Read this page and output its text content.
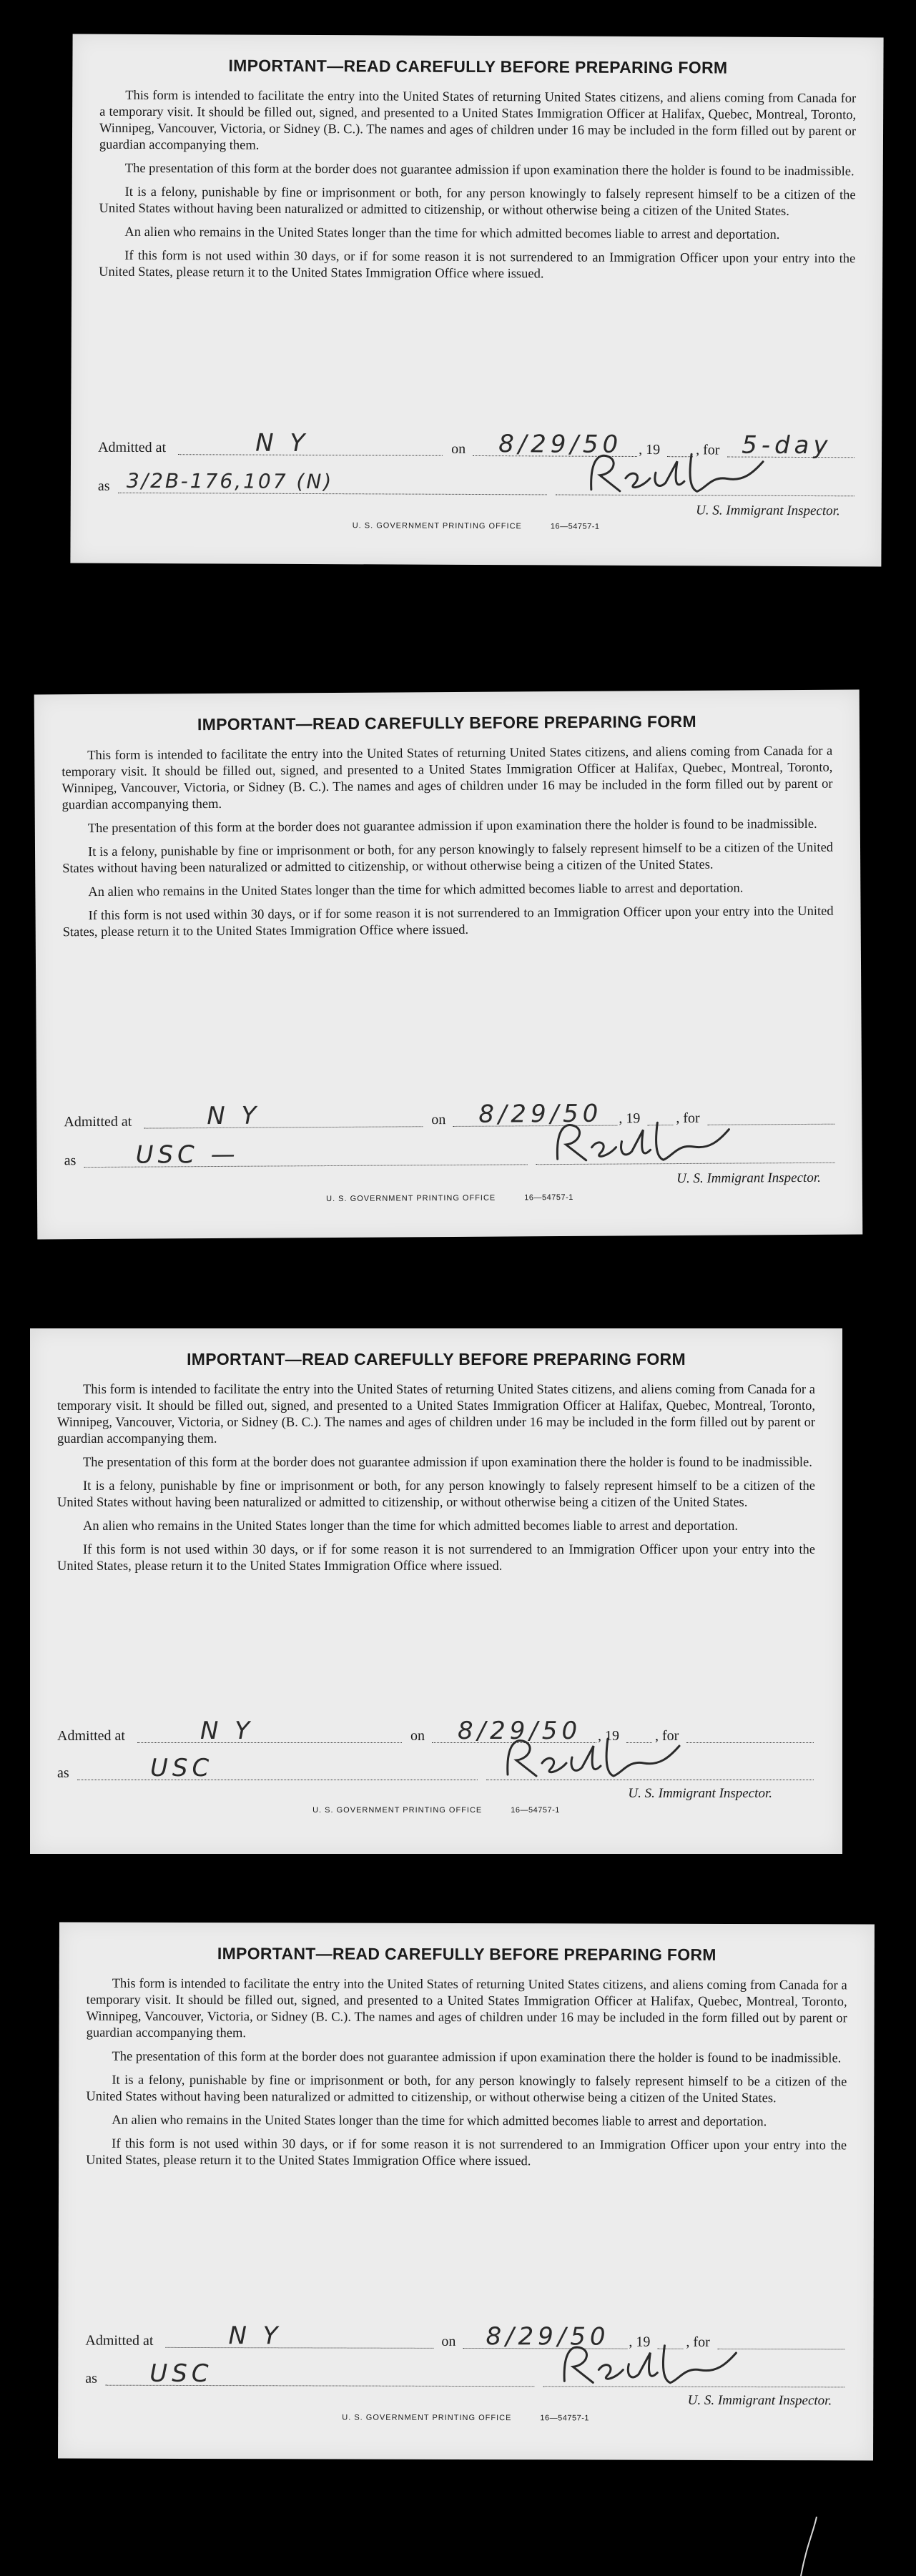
IMPORTANT—READ CAREFULLY BEFORE PREPARING FORM

This form is intended to facilitate the entry into the United States of returning United States citizens, and aliens coming from Canada for a temporary visit. It should be filled out, signed, and presented to a United States Immigration Officer at Halifax, Quebec, Montreal, Toronto, Winnipeg, Vancouver, Victoria, or Sidney (B. C.). The names and ages of children under 16 may be included in the form filled out by parent or guardian accompanying them.

The presentation of this form at the border does not guarantee admission if upon examination there the holder is found to be inadmissible.

It is a felony, punishable by fine or imprisonment or both, for any person knowingly to falsely represent himself to be a citizen of the United States without having been naturalized or admitted to citizenship, or without otherwise being a citizen of the United States.

An alien who remains in the United States longer than the time for which admitted becomes liable to arrest and deportation.

If this form is not used within 30 days, or if for some reason it is not surrendered to an Immigration Officer upon your entry into the United States, please return it to the United States Immigration Office where issued.

Admitted at	N Y	on 8/29/50 , 19 , for 5-day
as 3/2B-176,107 (N)
U. S. Immigrant Inspector.
U. S. GOVERNMENT PRINTING OFFICE	16—54757-1
IMPORTANT—READ CAREFULLY BEFORE PREPARING FORM

This form is intended to facilitate the entry into the United States of returning United States citizens, and aliens coming from Canada for a temporary visit. It should be filled out, signed, and presented to a United States Immigration Officer at Halifax, Quebec, Montreal, Toronto, Winnipeg, Vancouver, Victoria, or Sidney (B. C.). The names and ages of children under 16 may be included in the form filled out by parent or guardian accompanying them.

The presentation of this form at the border does not guarantee admission if upon examination there the holder is found to be inadmissible.

It is a felony, punishable by fine or imprisonment or both, for any person knowingly to falsely represent himself to be a citizen of the United States without having been naturalized or admitted to citizenship, or without otherwise being a citizen of the United States.

An alien who remains in the United States longer than the time for which admitted becomes liable to arrest and deportation.

If this form is not used within 30 days, or if for some reason it is not surrendered to an Immigration Officer upon your entry into the United States, please return it to the United States Immigration Office where issued.

Admitted at	N Y	on 8/29/50 , 19 , for
as USC —
U. S. Immigrant Inspector.
U. S. GOVERNMENT PRINTING OFFICE	16—54757-1
IMPORTANT—READ CAREFULLY BEFORE PREPARING FORM

This form is intended to facilitate the entry into the United States of returning United States citizens, and aliens coming from Canada for a temporary visit. It should be filled out, signed, and presented to a United States Immigration Officer at Halifax, Quebec, Montreal, Toronto, Winnipeg, Vancouver, Victoria, or Sidney (B. C.). The names and ages of children under 16 may be included in the form filled out by parent or guardian accompanying them.

The presentation of this form at the border does not guarantee admission if upon examination there the holder is found to be inadmissible.

It is a felony, punishable by fine or imprisonment or both, for any person knowingly to falsely represent himself to be a citizen of the United States without having been naturalized or admitted to citizenship, or without otherwise being a citizen of the United States.

An alien who remains in the United States longer than the time for which admitted becomes liable to arrest and deportation.

If this form is not used within 30 days, or if for some reason it is not surrendered to an Immigration Officer upon your entry into the United States, please return it to the United States Immigration Office where issued.

Admitted at	N Y	on 8/29/50 , 19	, for
as	USC
U. S. Immigrant Inspector.
U. S. GOVERNMENT PRINTING OFFICE	16—54757-1
IMPORTANT—READ CAREFULLY BEFORE PREPARING FORM

This form is intended to facilitate the entry into the United States of returning United States citizens, and aliens coming from Canada for a temporary visit. It should be filled out, signed, and presented to a United States Immigration Officer at Halifax, Quebec, Montreal, Toronto, Winnipeg, Vancouver, Victoria, or Sidney (B. C.). The names and ages of children under 16 may be included in the form filled out by parent or guardian accompanying them.

The presentation of this form at the border does not guarantee admission if upon examination there the holder is found to be inadmissible.

It is a felony, punishable by fine or imprisonment or both, for any person knowingly to falsely represent himself to be a citizen of the United States without having been naturalized or admitted to citizenship, or without otherwise being a citizen of the United States.

An alien who remains in the United States longer than the time for which admitted becomes liable to arrest and deportation.

If this form is not used within 30 days, or if for some reason it is not surrendered to an Immigration Officer upon your entry into the United States, please return it to the United States Immigration Office where issued.

Admitted at	N Y	on 8/29/50 , 19 , for
as USC
U. S. Immigrant Inspector.
U. S. GOVERNMENT PRINTING OFFICE	16—54757-1
